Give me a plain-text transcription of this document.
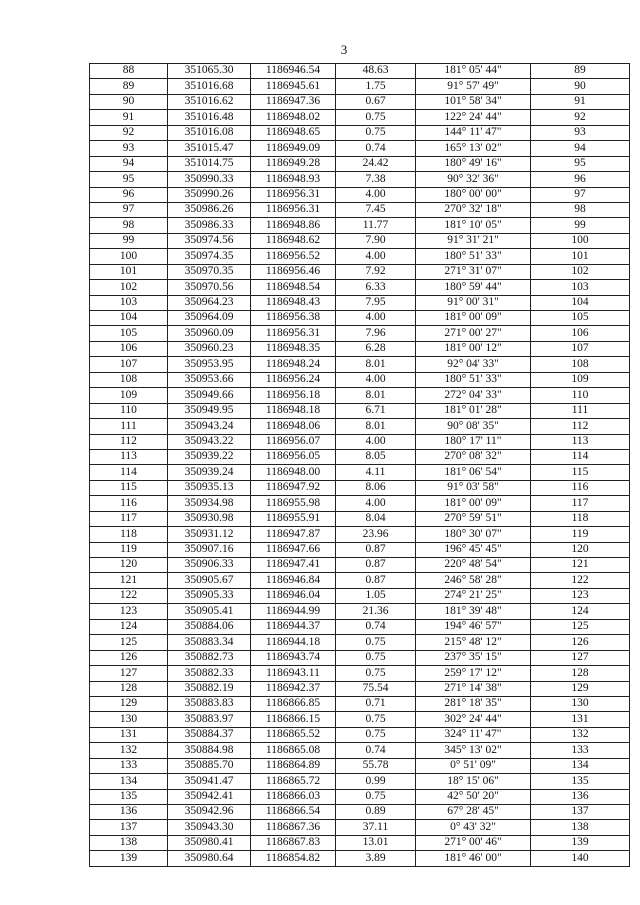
3
88	351065.30	1186946.54	48.63	181° 05' 44"	89
89	351016.68	1186945.61	1.75	91° 57' 49"	90
90	351016.62	1186947.36	0.67	101° 58' 34"	91
91	351016.48	1186948.02	0.75	122° 24' 44"	92
92	351016.08	1186948.65	0.75	144° 11' 47"	93
93	351015.47	1186949.09	0.74	165° 13' 02"	94
94	351014.75	1186949.28	24.42	180° 49' 16"	95
95	350990.33	1186948.93	7.38	90° 32' 36"	96
96	350990.26	1186956.31	4.00	180° 00' 00"	97
97	350986.26	1186956.31	7.45	270° 32' 18"	98
98	350986.33	1186948.86	11.77	181° 10' 05"	99
99	350974.56	1186948.62	7.90	91° 31' 21"	100
100	350974.35	1186956.52	4.00	180° 51' 33"	101
101	350970.35	1186956.46	7.92	271° 31' 07"	102
102	350970.56	1186948.54	6.33	180° 59' 44"	103
103	350964.23	1186948.43	7.95	91° 00' 31"	104
104	350964.09	1186956.38	4.00	181° 00' 09"	105
105	350960.09	1186956.31	7.96	271° 00' 27"	106
106	350960.23	1186948.35	6.28	181° 00' 12"	107
107	350953.95	1186948.24	8.01	92° 04' 33"	108
108	350953.66	1186956.24	4.00	180° 51' 33"	109
109	350949.66	1186956.18	8.01	272° 04' 33"	110
110	350949.95	1186948.18	6.71	181° 01' 28"	111
111	350943.24	1186948.06	8.01	90° 08' 35"	112
112	350943.22	1186956.07	4.00	180° 17' 11"	113
113	350939.22	1186956.05	8.05	270° 08' 32"	114
114	350939.24	1186948.00	4.11	181° 06' 54"	115
115	350935.13	1186947.92	8.06	91° 03' 58"	116
116	350934.98	1186955.98	4.00	181° 00' 09"	117
117	350930.98	1186955.91	8.04	270° 59' 51"	118
118	350931.12	1186947.87	23.96	180° 30' 07"	119
119	350907.16	1186947.66	0.87	196° 45' 45"	120
120	350906.33	1186947.41	0.87	220° 48' 54"	121
121	350905.67	1186946.84	0.87	246° 58' 28"	122
122	350905.33	1186946.04	1.05	274° 21' 25"	123
123	350905.41	1186944.99	21.36	181° 39' 48"	124
124	350884.06	1186944.37	0.74	194° 46' 57"	125
125	350883.34	1186944.18	0.75	215° 48' 12"	126
126	350882.73	1186943.74	0.75	237° 35' 15"	127
127	350882.33	1186943.11	0.75	259° 17' 12"	128
128	350882.19	1186942.37	75.54	271° 14' 38"	129
129	350883.83	1186866.85	0.71	281° 18' 35"	130
130	350883.97	1186866.15	0.75	302° 24' 44"	131
131	350884.37	1186865.52	0.75	324° 11' 47"	132
132	350884.98	1186865.08	0.74	345° 13' 02"	133
133	350885.70	1186864.89	55.78	0° 51' 09"	134
134	350941.47	1186865.72	0.99	18° 15' 06"	135
135	350942.41	1186866.03	0.75	42° 50' 20"	136
136	350942.96	1186866.54	0.89	67° 28' 45"	137
137	350943.30	1186867.36	37.11	0° 43' 32"	138
138	350980.41	1186867.83	13.01	271° 00' 46"	139
139	350980.64	1186854.82	3.89	181° 46' 00"	140
